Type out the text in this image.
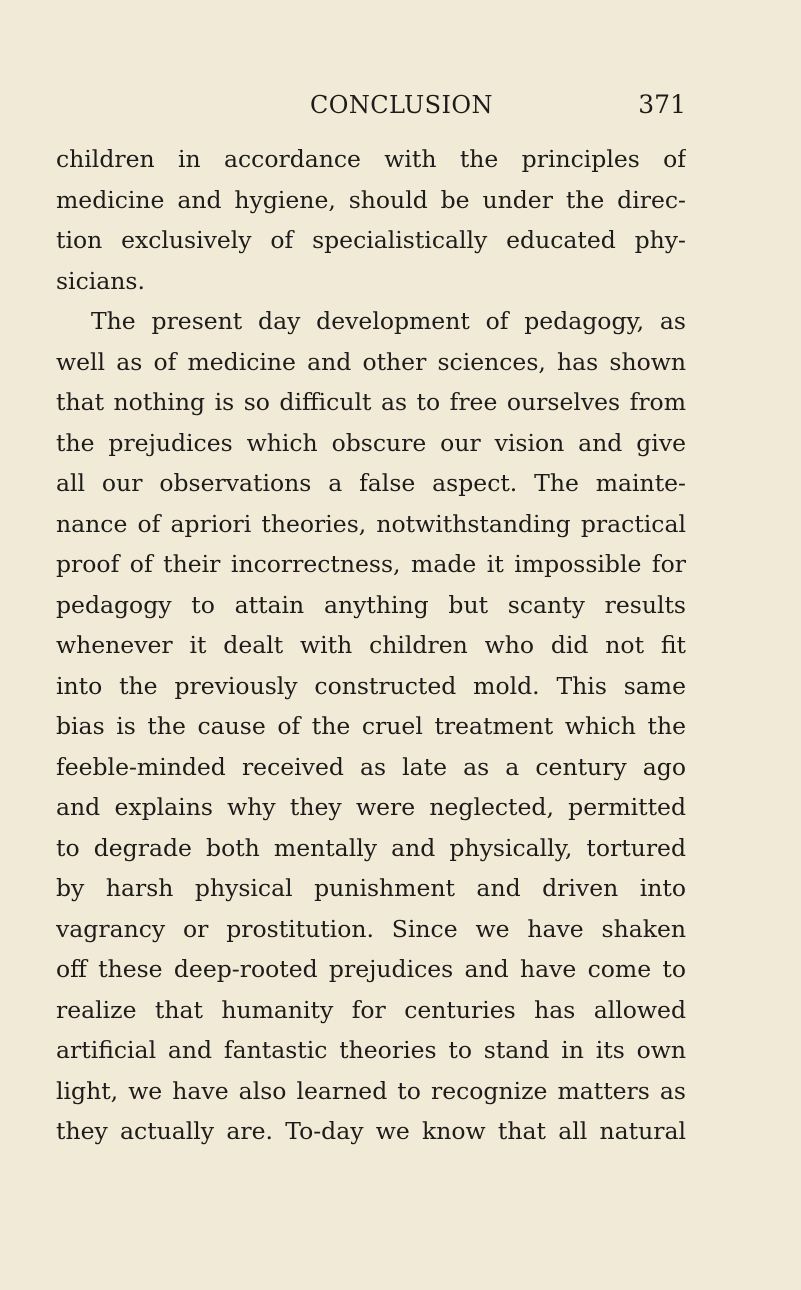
CONCLUSION	371
children in accordance with the principles of
medicine and hygiene, should be under the direc-
tion exclusively of specialistically educated phy-
sicians.
The present day development of pedagogy, as
well as of medicine and other sciences, has shown
that nothing is so difficult as to free ourselves from
the prejudices which obscure our vision and give
all our observations a false aspect. The mainte-
nance of apriori theories, notwithstanding practical
proof of their incorrectness, made it impossible for
pedagogy to attain anything but scanty results
whenever it dealt with children who did not fit
into the previously constructed mold. This same
bias is the cause of the cruel treatment which the
feeble-minded received as late as a century ago
and explains why they were neglected, permitted
to degrade both mentally and physically, tortured
by harsh physical punishment and driven into
vagrancy or prostitution. Since we have shaken
off these deep-rooted prejudices and have come to
realize that humanity for centuries has allowed
artificial and fantastic theories to stand in its own
light, we have also learned to recognize matters as
they actually are. To-day we know that all natural
